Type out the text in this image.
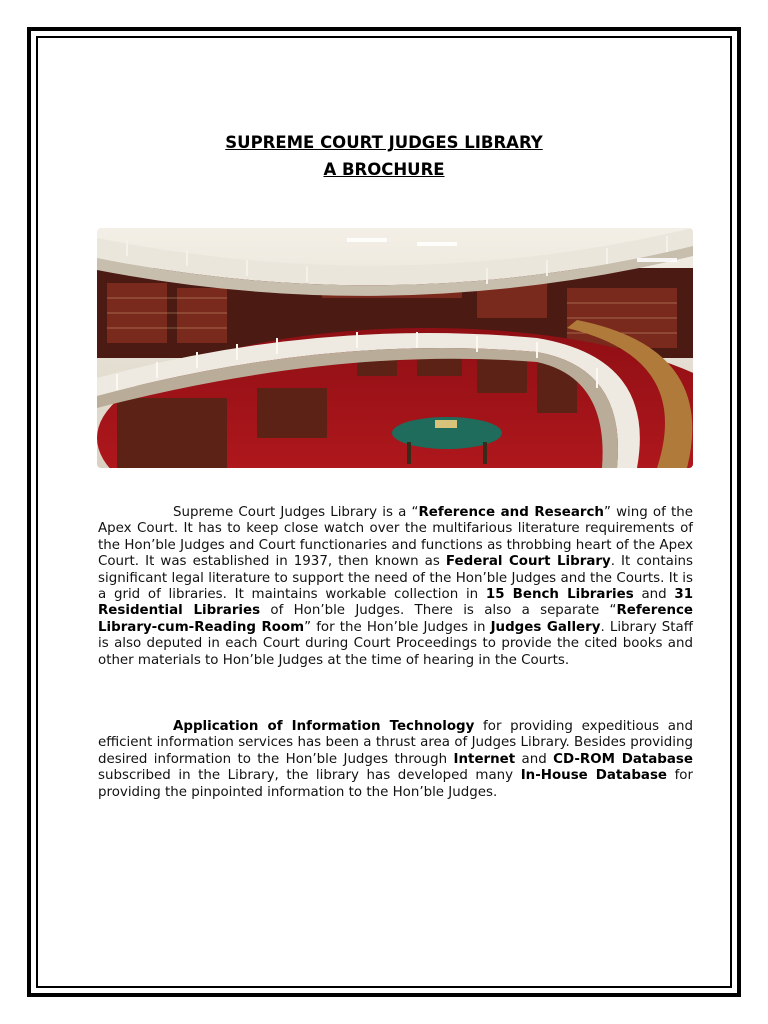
SUPREME COURT JUDGES LIBRARY
A BROCHURE
Supreme Court Judges Library is a “Reference and Research” wing of the Apex Court. It has to keep close watch over the multifarious literature requirements of the Hon’ble Judges and Court functionaries and functions as throbbing heart of the Apex Court. It was established in 1937, then known as Federal Court Library. It contains significant legal literature to support the need of the Hon’ble Judges and the Courts. It is a grid of libraries. It maintains workable collection in 15 Bench Libraries and 31 Residential Libraries of Hon’ble Judges. There is also a separate “Reference Library-cum-Reading Room” for the Hon’ble Judges in Judges Gallery. Library Staff is also deputed in each Court during Court Proceedings to provide the cited books and other materials to Hon’ble Judges at the time of hearing in the Courts.
Application of Information Technology for providing expeditious and efficient information services has been a thrust area of Judges Library. Besides providing desired information to the Hon’ble Judges through Internet and CD-ROM Database subscribed in the Library, the library has developed many In-House Database for providing the pinpointed information to the Hon’ble Judges.
